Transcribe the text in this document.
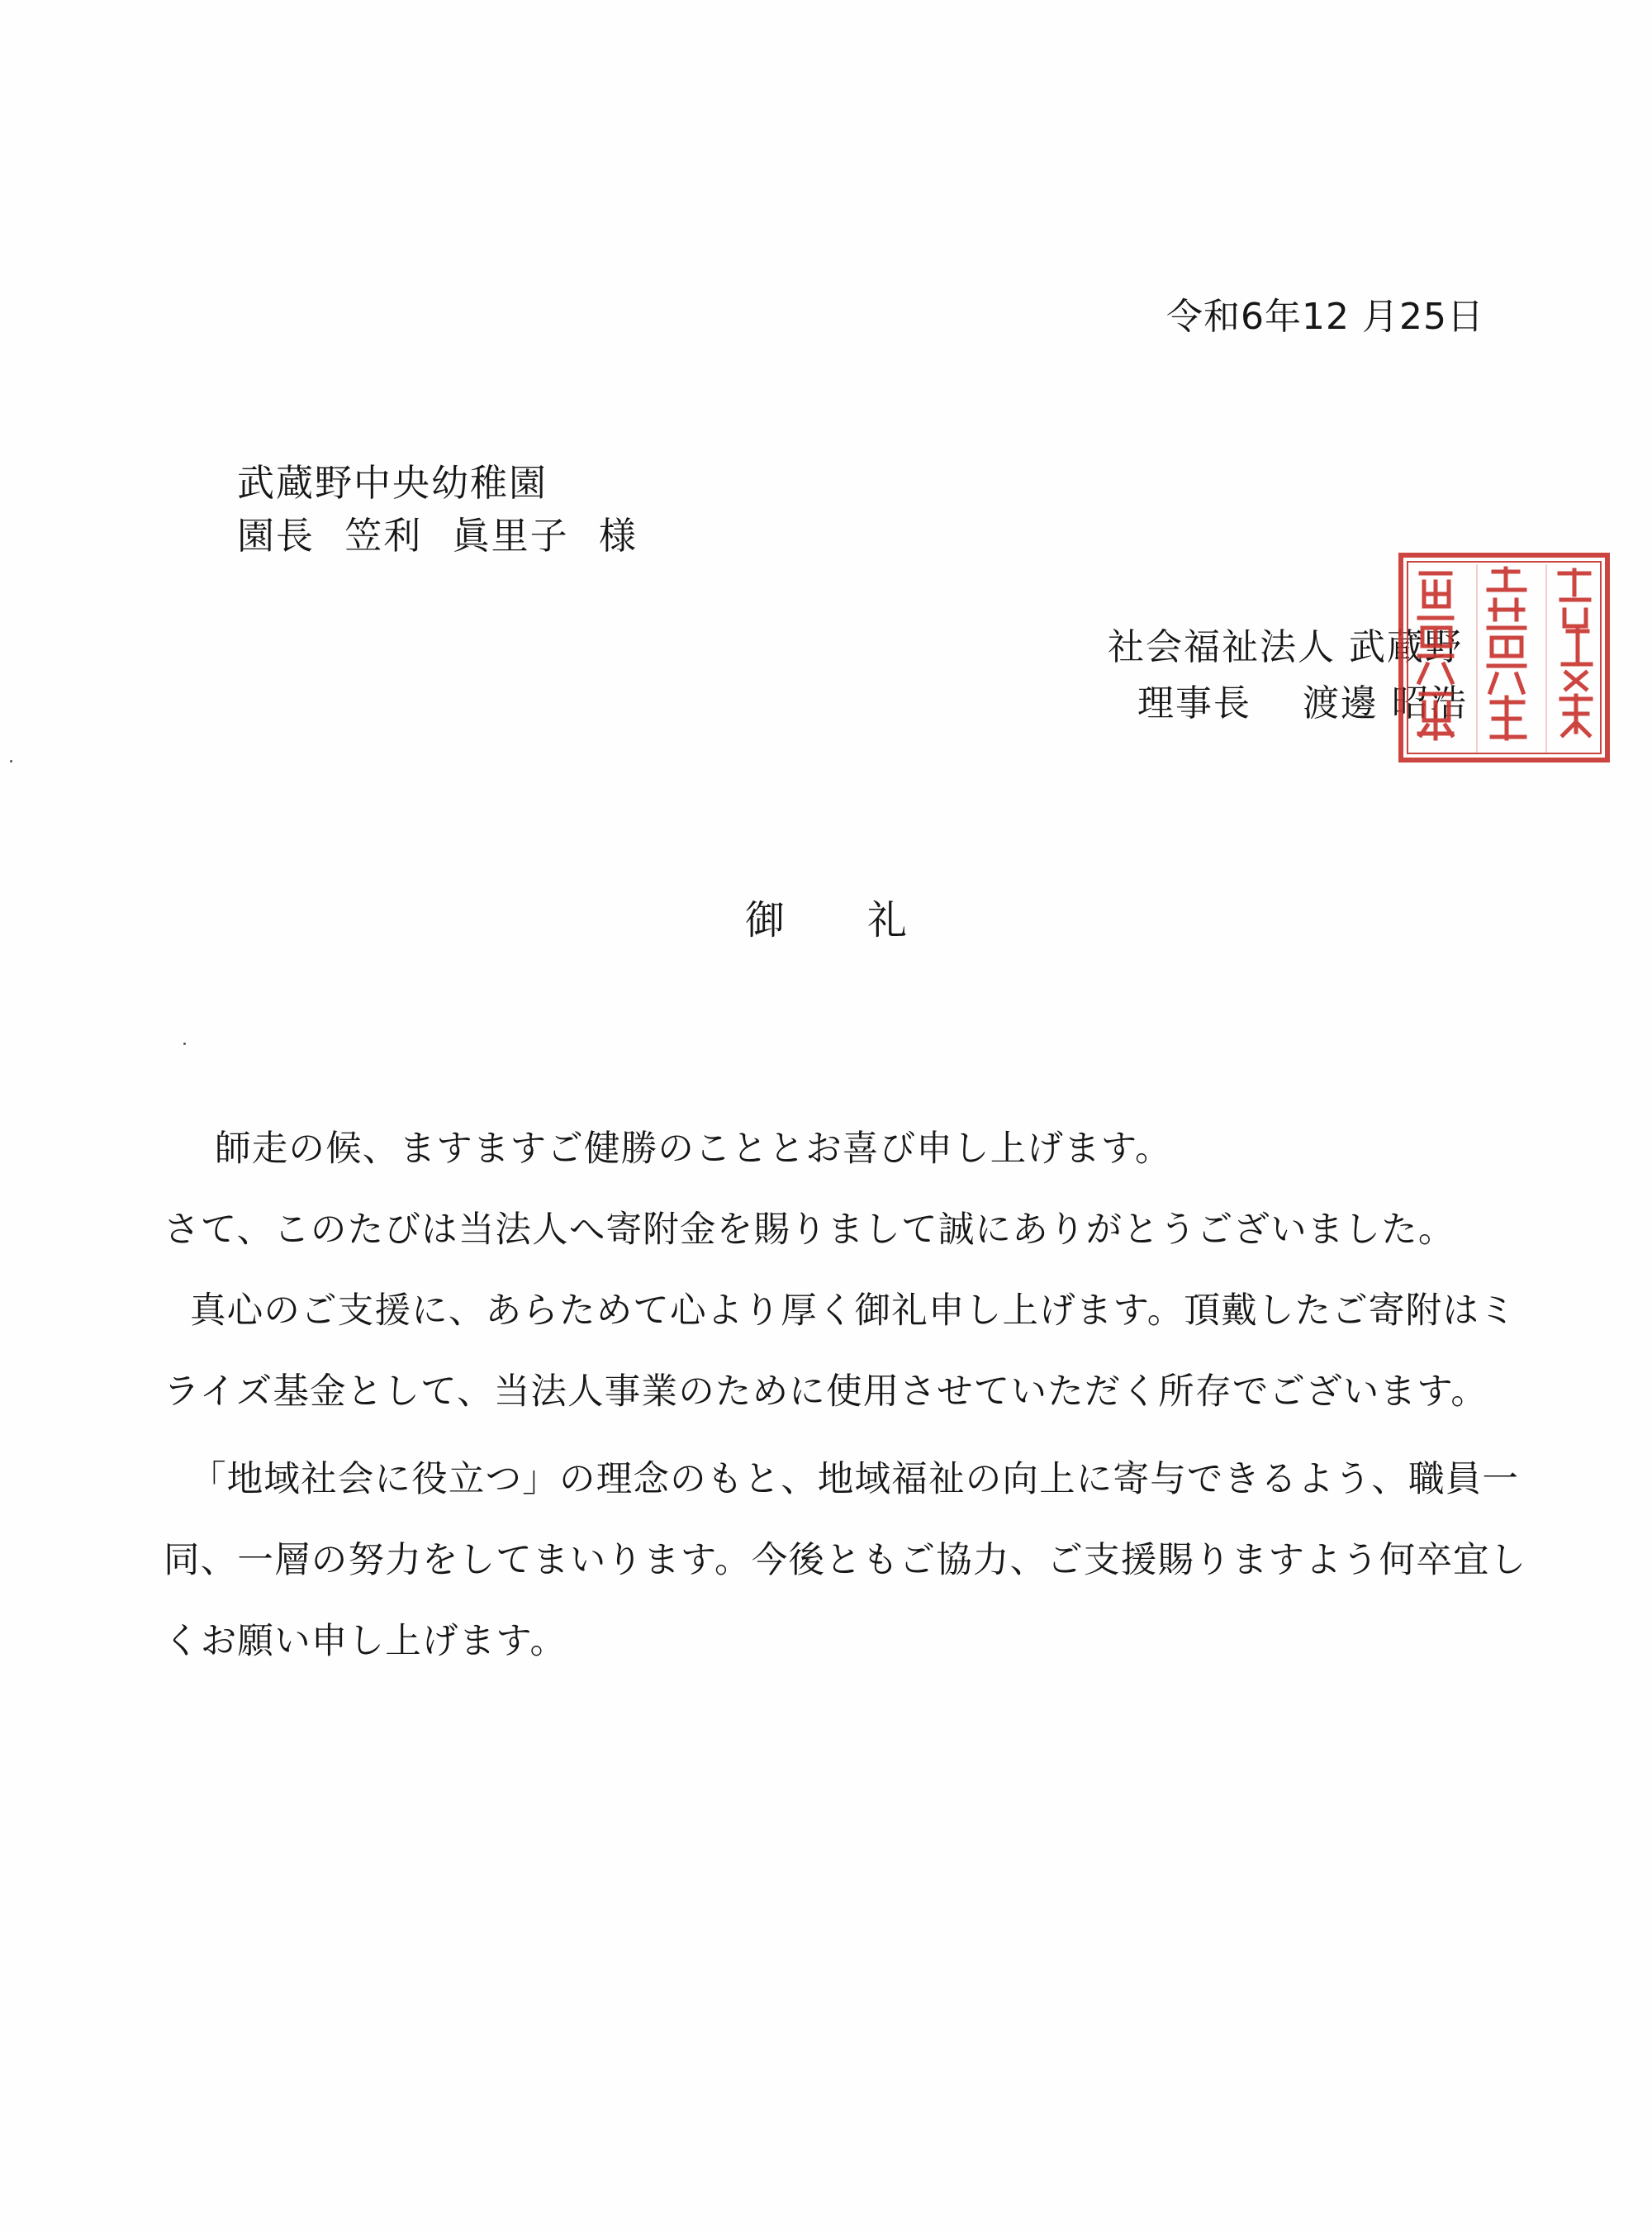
令和6年12 月25日
武蔵野中央幼稚園
園長 笠利 眞里子 様
社会福祉法人 武蔵野
理事長　 渡邊 昭浩
御礼
師走の候、ますますご健勝のこととお喜び申し上げます。
さて、このたびは当法人へ寄附金を賜りまして誠にありがとうございました。
真心のご支援に、あらためて心より厚く御礼申し上げます。頂戴したご寄附はミ
ライズ基金として、当法人事業のために使用させていただく所存でございます。
「地域社会に役立つ」の理念のもと、地域福祉の向上に寄与できるよう、職員一
同、一層の努力をしてまいります。今後ともご協力、ご支援賜りますよう何卒宜し
くお願い申し上げます。
